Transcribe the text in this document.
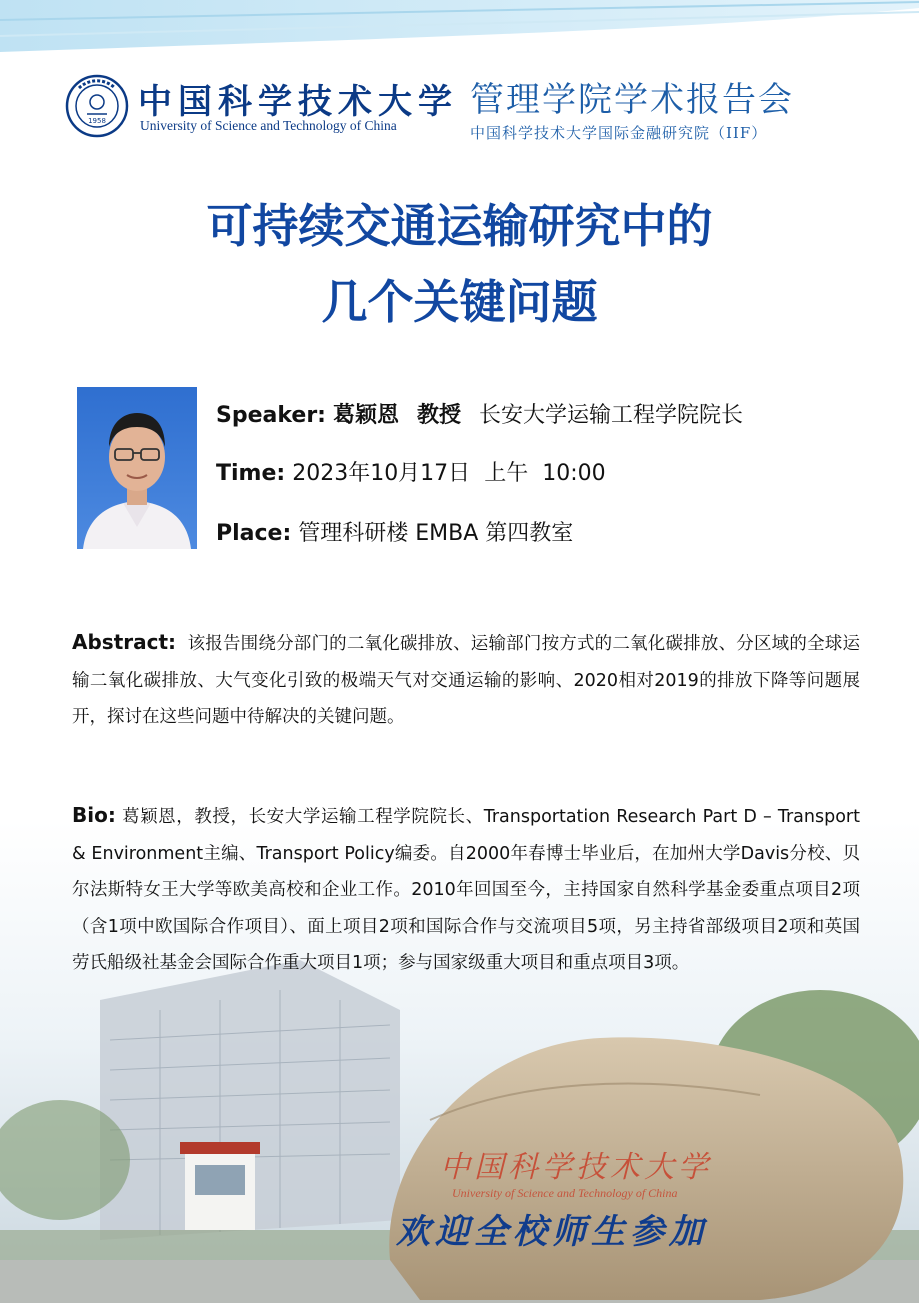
1958 中国科学技术大学
University of Science and Technology of China
管理学院学术报告会
中国科学技术大学国际金融研究院（IIF）
可持续交通运输研究中的
几个关键问题
Speaker: 葛颖恩 教授 长安大学运输工程学院院长
Time: 2023年10月17日 上午 10:00
Place: 管理科研楼 EMBA 第四教室
中国科学技术大学
University of Science and Technology of China
Abstract: 该报告围绕分部门的二氧化碳排放、运输部门按方式的二氧化碳排放、分区域的全球运输二氧化碳排放、大气变化引致的极端天气对交通运输的影响、2020相对2019的排放下降等问题展开，探讨在这些问题中待解决的关键问题。
Bio: 葛颖恩，教授，长安大学运输工程学院院长、Transportation Research Part D – Transport & Environment主编、Transport Policy编委。自2000年春博士毕业后，在加州大学Davis分校、贝尔法斯特女王大学等欧美高校和企业工作。2010年回国至今，主持国家自然科学基金委重点项目2项（含1项中欧国际合作项目）、面上项目2项和国际合作与交流项目5项，另主持省部级项目2项和英国劳氏船级社基金会国际合作重大项目1项；参与国家级重大项目和重点项目3项。
欢迎全校师生参加
